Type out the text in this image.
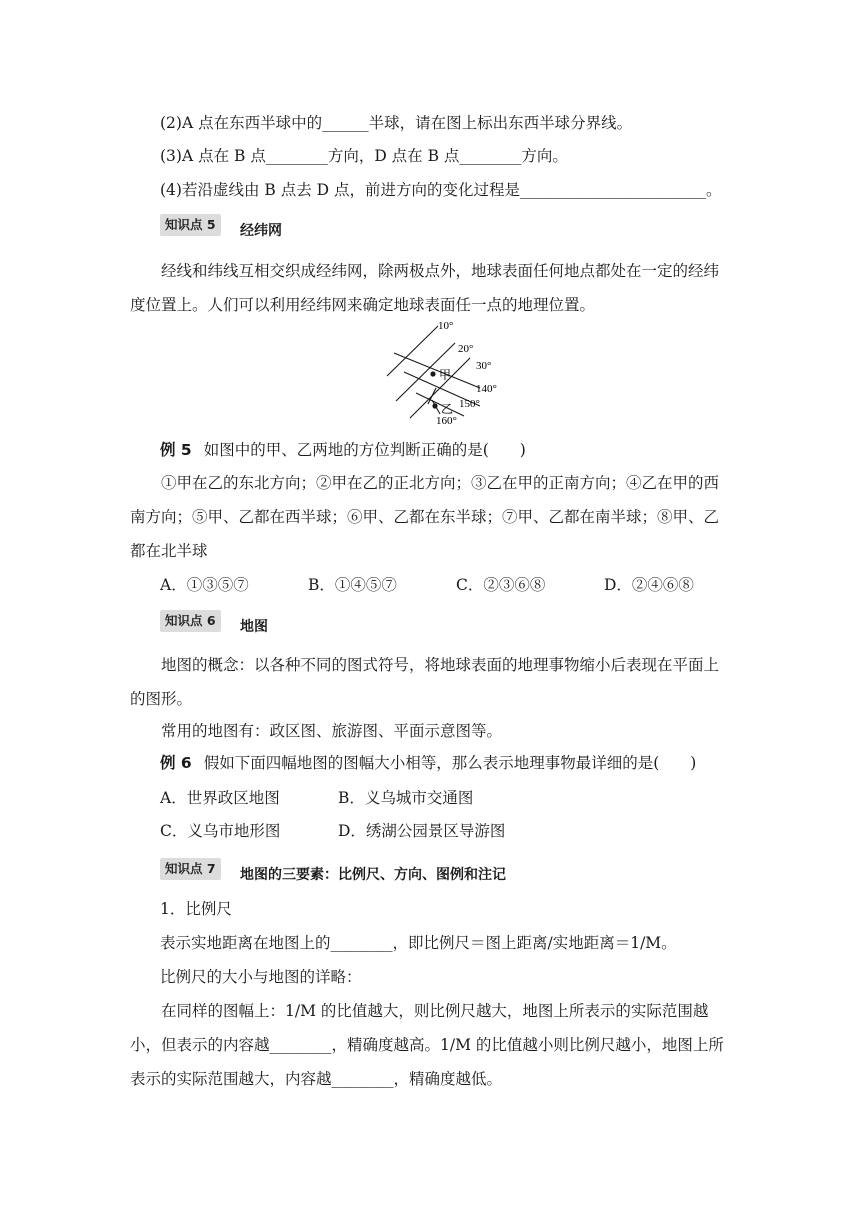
(2)A 点在东西半球中的______半球，请在图上标出东西半球分界线。
(3)A 点在 B 点________方向，D 点在 B 点________方向。
(4)若沿虚线由 B 点去 D 点，前进方向的变化过程是________________________。
知识点 5	经纬网
经线和纬线互相交织成经纬网，除两极点外，地球表面任何地点都处在一定的经纬度位置上。人们可以利用经纬网来确定地球表面任一点的地理位置。
10°
20°
30°
140°
150°
160°
甲
乙
例 5 如图中的甲、乙两地的方位判断正确的是(　　)
①甲在乙的东北方向；②甲在乙的正北方向；③乙在甲的正南方向；④乙在甲的西南方向；⑤甲、乙都在西半球；⑥甲、乙都在东半球；⑦甲、乙都在南半球；⑧甲、乙都在北半球
A．①③⑤⑦	B．①④⑤⑦	C．②③⑥⑧	D．②④⑥⑧
知识点 6	地图
地图的概念：以各种不同的图式符号，将地球表面的地理事物缩小后表现在平面上的图形。
常用的地图有：政区图、旅游图、平面示意图等。
例 6 假如下面四幅地图的图幅大小相等，那么表示地理事物最详细的是(　　)
A．世界政区地图	B．义乌城市交通图
C．义乌市地形图	D．绣湖公园景区导游图
知识点 7	地图的三要素：比例尺、方向、图例和注记
1．比例尺
表示实地距离在地图上的________，即比例尺＝图上距离/实地距离＝1/M。
比例尺的大小与地图的详略：
在同样的图幅上：1/M 的比值越大，则比例尺越大，地图上所表示的实际范围越小，但表示的内容越________，精确度越高。1/M 的比值越小则比例尺越小，地图上所表示的实际范围越大，内容越________，精确度越低。
